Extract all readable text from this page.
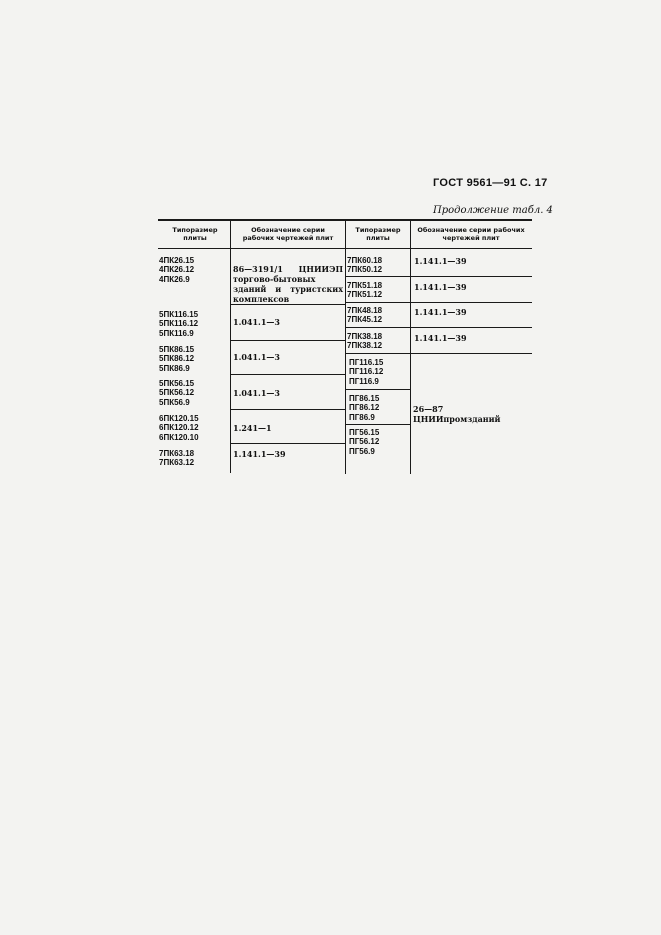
ГОСТ 9561—91 С. 17
Продолжение табл. 4
Типоразмер плиты
Обозначение серии рабочих чертежей плит
Типоразмер плиты
Обозначение серии рабочих чертежей плит
4ПК26.15
4ПК26.12
4ПК26.9
5ПК116.15
5ПК116.12
5ПК116.9
5ПК86.15
5ПК86.12
5ПК86.9
5ПК56.15
5ПК56.12
5ПК56.9
6ПК120.15
6ПК120.12
6ПК120.10
7ПК63.18
7ПК63.12
86—3191/1 ЦНИИЭП торгово-бытовых зданий и туристских комплексов
1.041.1—3
1.041.1—3
1.041.1—3
1.241—1
1.141.1—39
7ПК60.18
7ПК50.12
7ПК51.18
7ПК51.12
7ПК48.18
7ПК45.12
7ПК38.18
7ПК38.12
ПГ116.15
ПГ116.12
ПГ116.9
ПГ86.15
ПГ86.12
ПГ86.9
ПГ56.15
ПГ56.12
ПГ56.9
1.141.1—39
1.141.1—39
1.141.1—39
1.141.1—39
26—87 ЦНИИпромзданий
